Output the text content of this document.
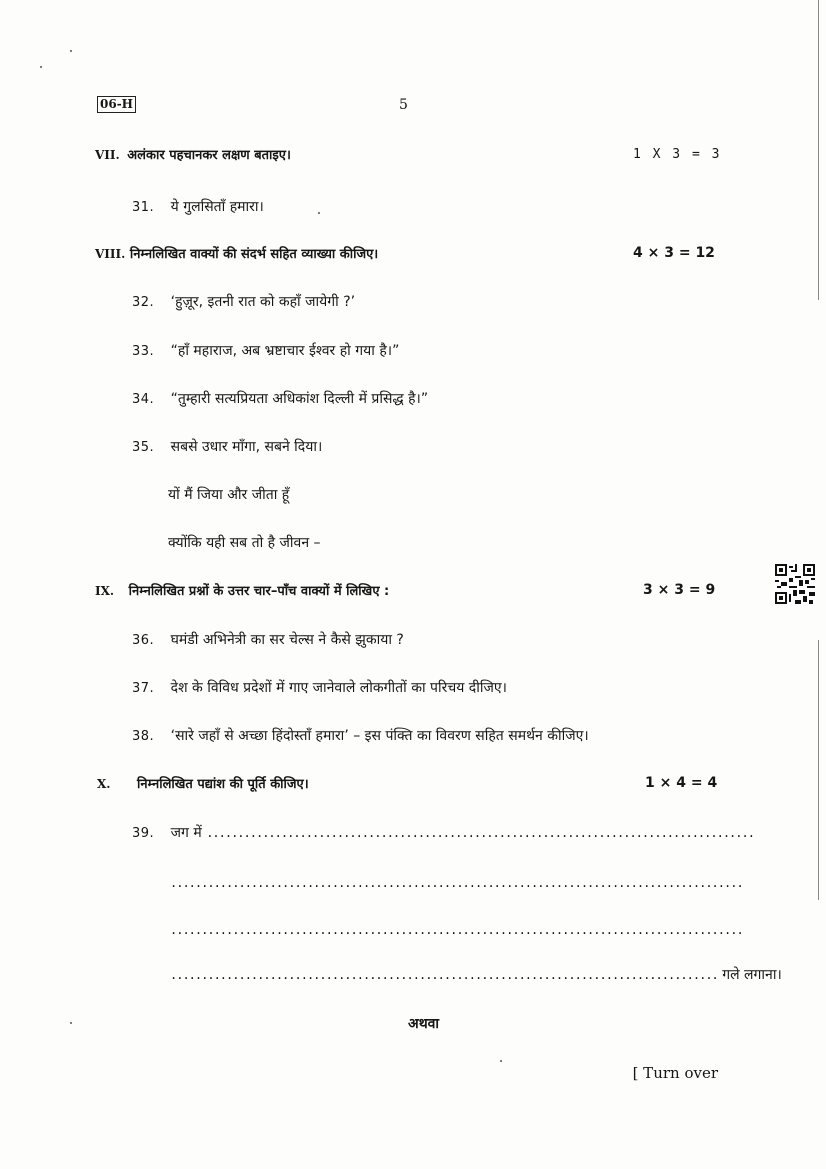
06-H	5
VII. अलंकार पहचानकर लक्षण बताइए।	1 X 3 = 3
31. ये गुलसिताँ हमारा।
VIII. निम्नलिखित वाक्यों की संदर्भ सहित व्याख्या कीजिए।	4 × 3 = 12
32. ‘हुज़ूर, इतनी रात को कहाँ जायेगी ?’
33. “हाँ महाराज, अब भ्रष्टाचार ईश्वर हो गया है।”
34. “तुम्हारी सत्यप्रियता अधिकांश दिल्ली में प्रसिद्ध है।”
35. सबसे उधार माँगा, सबने दिया।
यों मैं जिया और जीता हूँ
क्योंकि यही सब तो है जीवन –
IX. निम्नलिखित प्रश्नों के उत्तर चार–पाँच वाक्यों में लिखिए :	3 × 3 = 9
36. घमंडी अभिनेत्री का सर चेल्स ने कैसे झुकाया ?
37. देश के विविध प्रदेशों में गाए जानेवाले लोकगीतों का परिचय दीजिए।
38. ‘सारे जहाँ से अच्छा हिंदोस्ताँ हमारा’ – इस पंक्ति का विवरण सहित समर्थन कीजिए।
X. निम्नलिखित पद्यांश की पूर्ति कीजिए।	1 × 4 = 4
39. जग में ........................................................................................
............................................................................................
............................................................................................
........................................................................................ गले लगाना।
अथवा
[ Turn over
